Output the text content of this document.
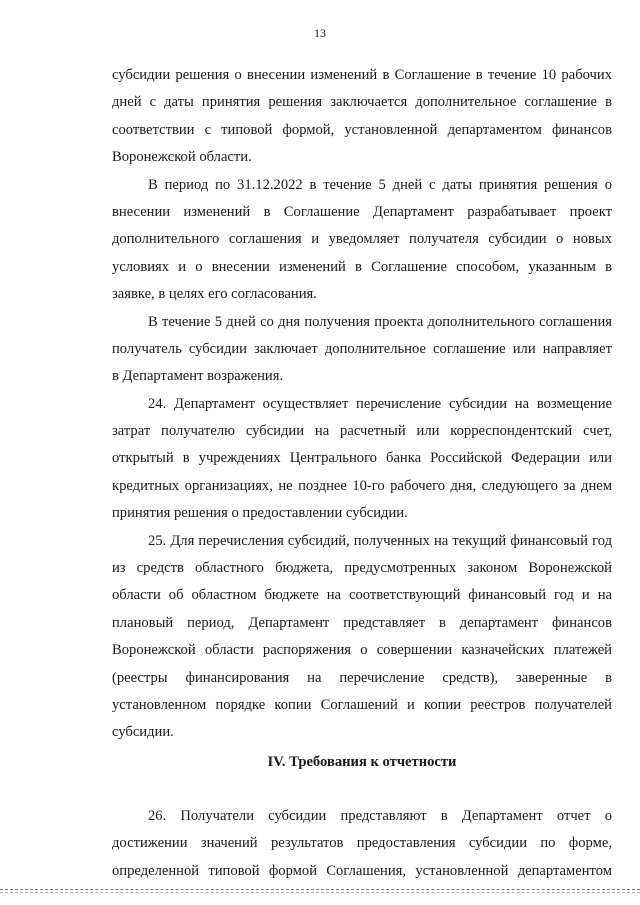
13
субсидии решения о внесении изменений в Соглашение в течение 10 рабочих
дней с даты принятия решения заключается дополнительное соглашение в
соответствии с типовой формой, установленной департаментом финансов
Воронежской области.
В период по 31.12.2022 в течение 5 дней с даты принятия решения о
внесении изменений в Соглашение Департамент разрабатывает проект
дополнительного соглашения и уведомляет получателя субсидии о новых
условиях и о внесении изменений в Соглашение способом, указанным в
заявке, в целях его согласования.
В течение 5 дней со дня получения проекта дополнительного соглашения
получатель субсидии заключает дополнительное соглашение или направляет
в Департамент возражения.
24. Департамент осуществляет перечисление субсидии на возмещение
затрат получателю субсидии на расчетный или корреспондентский счет,
открытый в учреждениях Центрального банка Российской Федерации или
кредитных организациях, не позднее 10-го рабочего дня, следующего за днем
принятия решения о предоставлении субсидии.
25. Для перечисления субсидий, полученных на текущий финансовый год
из средств областного бюджета, предусмотренных законом Воронежской
области об областном бюджете на соответствующий финансовый год и на
плановый период, Департамент представляет в департамент финансов
Воронежской области распоряжения о совершении казначейских платежей
(реестры финансирования на перечисление средств), заверенные в
установленном порядке копии Соглашений и копии реестров получателей
субсидии.
IV. Требования к отчетности
26. Получатели субсидии представляют в Департамент отчет о
достижении значений результатов предоставления субсидии по форме,
определенной типовой формой Соглашения, установленной департаментом
